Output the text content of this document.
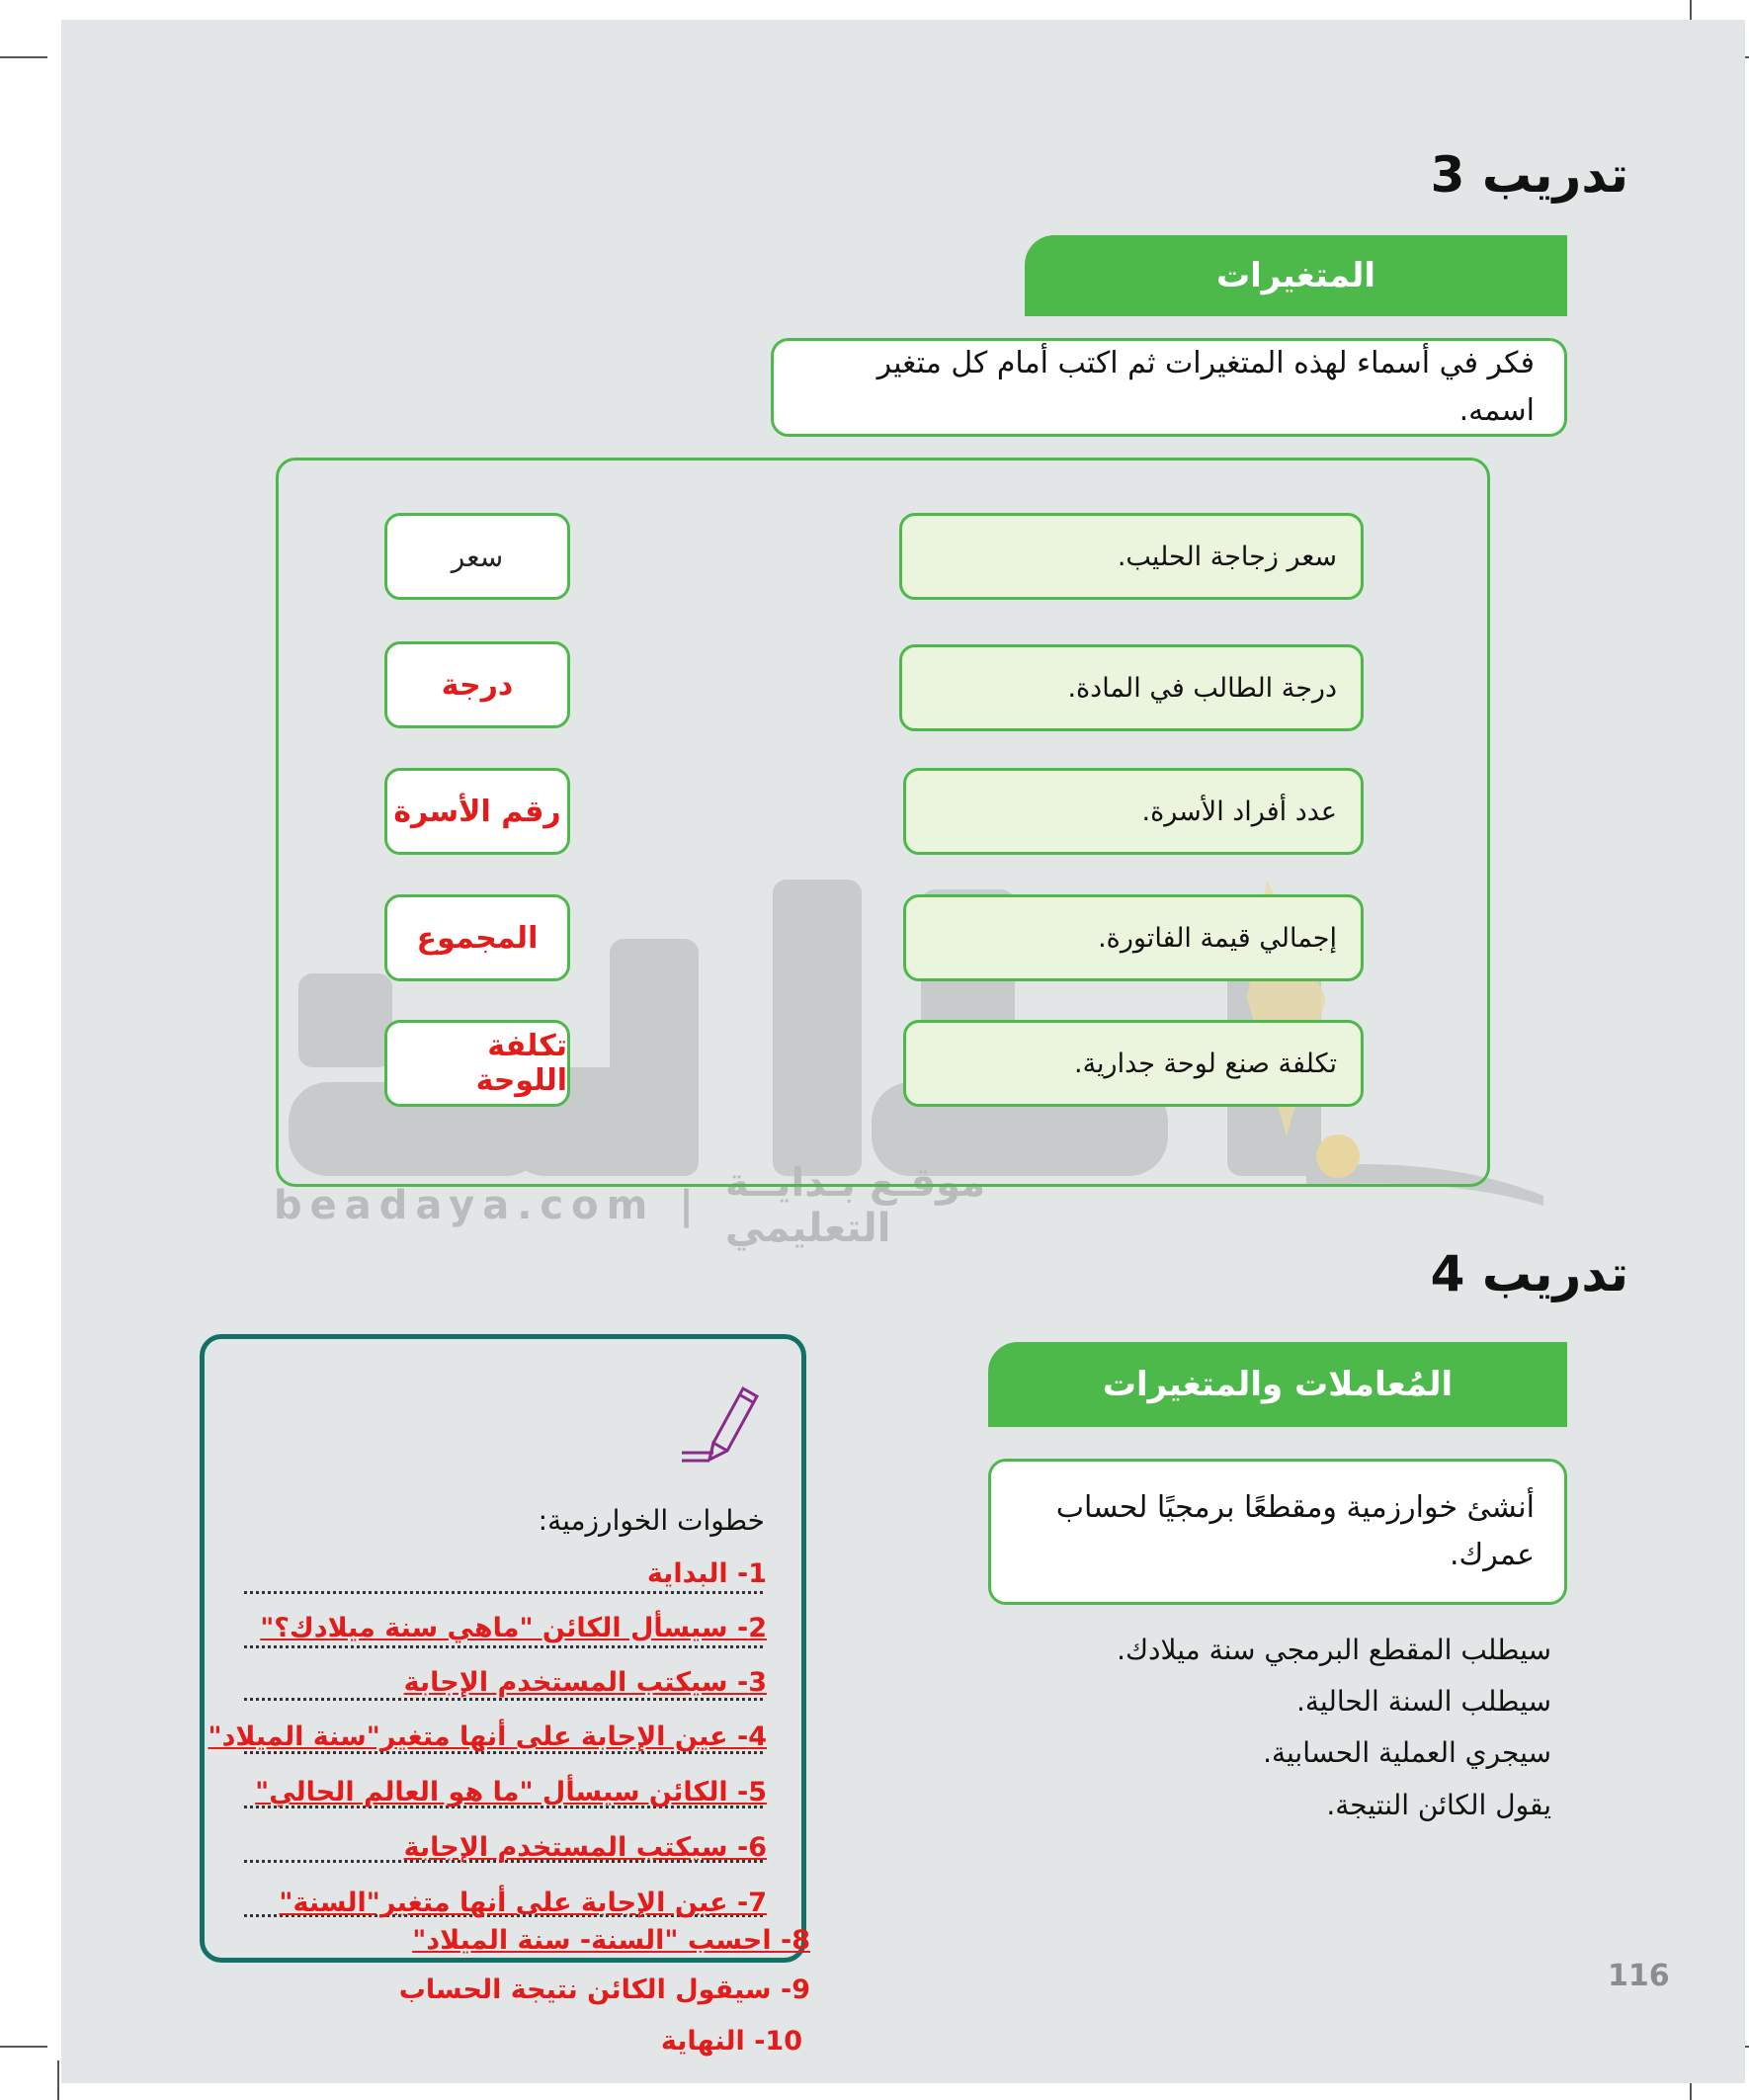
تدريب 3
المتغيرات
فكر في أسماء لهذه المتغيرات ثم اكتب أمام كل متغير اسمه.
beadaya.com | موقـع بـدايــة التعليمي
سعر زجاجة الحليب.
سعر
درجة الطالب في المادة.
درجة
عدد أفراد الأسرة.
رقم الأسرة
إجمالي قيمة الفاتورة.
المجموع
تكلفة صنع لوحة جدارية.
تكلفة اللوحة
تدريب 4
المُعاملات والمتغيرات
أنشئ خوارزمية ومقطعًا برمجيًا لحساب عمرك.
سيطلب المقطع البرمجي سنة ميلادك.
سيطلب السنة الحالية.
سيجري العملية الحسابية.
يقول الكائن النتيجة.
خطوات الخوارزمية:
1- البداية
2- سيسأل الكائن "ماهي سنة ميلادك؟"
3- سيكتب المستخدم الإجابة
4- عين الإجابة على أنها متغير"سنة الميلاد"
5- الكائن سيسأل "ما هو العالم الحالي"
6- سيكتب المستخدم الإجابة
7- عين الإجابة على أنها متغير"السنة"
8- احسب "السنة- سنة الميلاد"
9- سيقول الكائن نتيجة الحساب
10- النهاية
116
